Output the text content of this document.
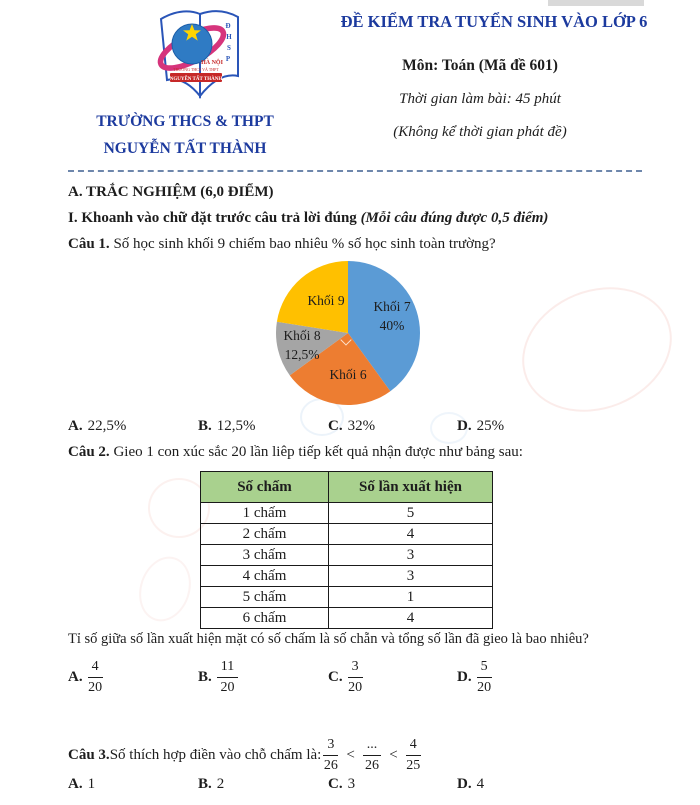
Đ
H
S
P
HÀ NỘI
TRƯỜNG THCS VÀ THPT
NGUYỄN TẤT THÀNH
TRƯỜNG THCS & THPT
NGUYỄN TẤT THÀNH
ĐỀ KIỂM TRA TUYỂN SINH VÀO LỚP 6
Môn: Toán (Mã đề 601)
Thời gian làm bài: 45 phút
(Không kể thời gian phát đề)
A. TRẮC NGHIỆM (6,0 ĐIỂM)
I. Khoanh vào chữ đặt trước câu trả lời đúng (Mỗi câu đúng được 0,5 điểm)
Câu 1. Số học sinh khối 9 chiếm bao nhiêu % số học sinh toàn trường?
Khối 9	Khối 7
40%
Khối 8
12,5%
Khối 6
A. 22,5%	B. 12,5%	C. 32%	D. 25%
Câu 2. Gieo 1 con xúc sắc 20 lần liêp tiếp kết quả nhận được như bảng sau:
Số chấm	Số lần xuất hiện
1 chấm	5
2 chấm	4
3 chấm	3
4 chấm	3
5 chấm	1
6 chấm	4
Tỉ số giữa số lần xuất hiện mặt có số chấm là số chẵn và tổng số lần đã gieo là bao nhiêu?
A. $\frac{4}{20}$	B. $\frac{11}{20}$	C. $\frac{3}{20}$	D. $\frac{5}{20}$
Câu 3. Số thích hợp điền vào chỗ chấm là: $\frac{3}{26} < \frac{...}{26} < \frac{4}{25}$
A. 1	B. 2	C. 3	D. 4
